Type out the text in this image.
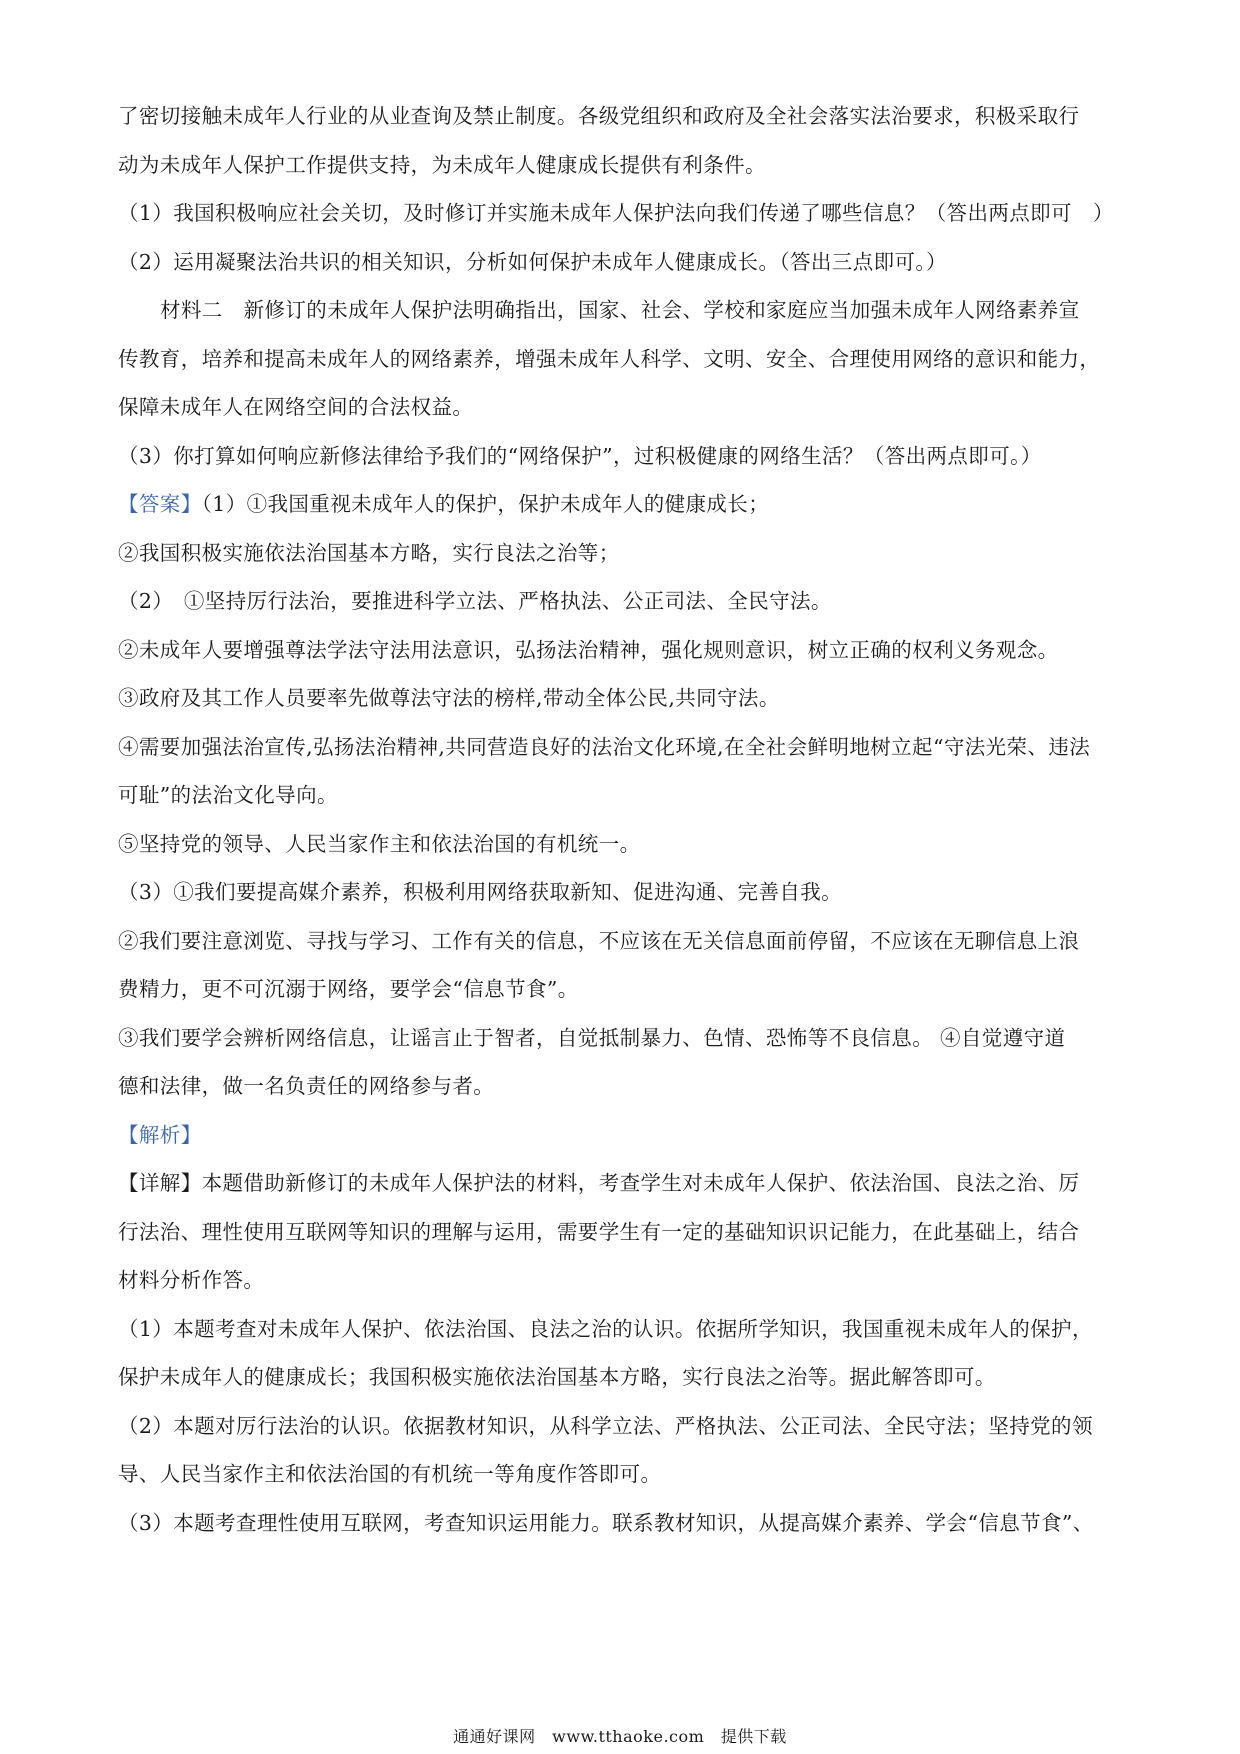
了密切接触未成年人行业的从业查询及禁止制度。各级党组织和政府及全社会落实法治要求，积极采取行

动为未成年人保护工作提供支持，为未成年人健康成长提供有利条件。

（1）我国积极响应社会关切，及时修订并实施未成年人保护法向我们传递了哪些信息？（答出两点即可　）

（2）运用凝聚法治共识的相关知识，分析如何保护未成年人健康成长。（答出三点即可。）

材料二　新修订的未成年人保护法明确指出，国家、社会、学校和家庭应当加强未成年人网络素养宣

传教育，培养和提高未成年人的网络素养，增强未成年人科学、文明、安全、合理使用网络的意识和能力，

保障未成年人在网络空间的合法权益。

（3）你打算如何响应新修法律给予我们的“网络保护”，过积极健康的网络生活？（答出两点即可。）

【答案】（1）①我国重视未成年人的保护，保护未成年人的健康成长；

②我国积极实施依法治国基本方略，实行良法之治等；

（2）　①坚持厉行法治，要推进科学立法、严格执法、公正司法、全民守法。

②未成年人要增强尊法学法守法用法意识，弘扬法治精神，强化规则意识，树立正确的权利义务观念。

③政府及其工作人员要率先做尊法守法的榜样,带动全体公民,共同守法。

④需要加强法治宣传,弘扬法治精神,共同营造良好的法治文化环境,在全社会鲜明地树立起“守法光荣、违法

可耻”的法治文化导向。

⑤坚持党的领导、人民当家作主和依法治国的有机统一。

（3）①我们要提高媒介素养，积极利用网络获取新知、促进沟通、完善自我。

②我们要注意浏览、寻找与学习、工作有关的信息，不应该在无关信息面前停留，不应该在无聊信息上浪

费精力，更不可沉溺于网络，要学会“信息节食”。

③我们要学会辨析网络信息，让谣言止于智者，自觉抵制暴力、色情、恐怖等不良信息。 ④自觉遵守道

德和法律，做一名负责任的网络参与者。

【解析】

【详解】本题借助新修订的未成年人保护法的材料，考查学生对未成年人保护、依法治国、良法之治、厉

行法治、理性使用互联网等知识的理解与运用，需要学生有一定的基础知识识记能力，在此基础上，结合

材料分析作答。

（1）本题考查对未成年人保护、依法治国、良法之治的认识。依据所学知识，我国重视未成年人的保护，

保护未成年人的健康成长；我国积极实施依法治国基本方略，实行良法之治等。据此解答即可。

（2）本题对厉行法治的认识。依据教材知识，从科学立法、严格执法、公正司法、全民守法；坚持党的领

导、人民当家作主和依法治国的有机统一等角度作答即可。

（3）本题考查理性使用互联网，考查知识运用能力。联系教材知识，从提高媒介素养、学会“信息节食”、

通通好课网　www.tthaoke.com　提供下载
